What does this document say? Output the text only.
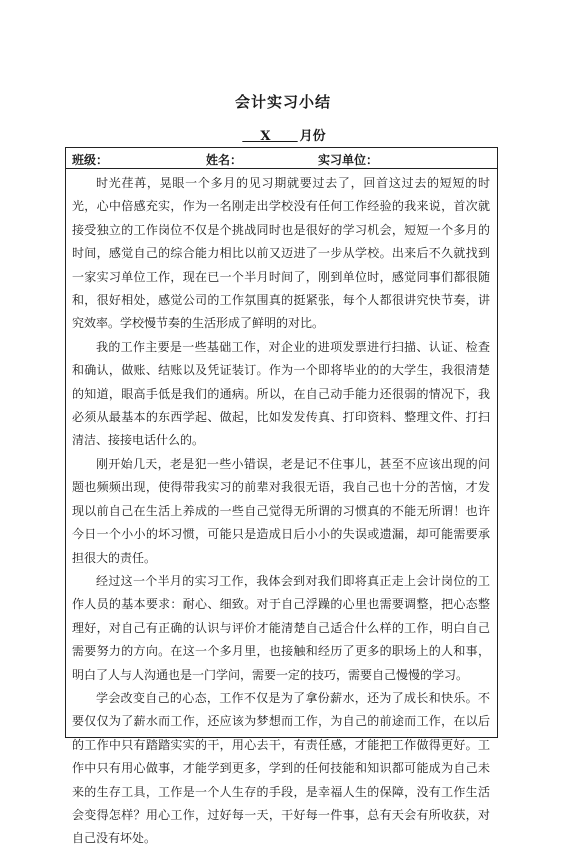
会计实习小结
X 月份
班级：	姓名：	实习单位：

时光荏苒，晃眼一个多月的见习期就要过去了，回首这过去的短短的时光，心中倍感充实，作为一名刚走出学校没有任何工作经验的我来说，首次就接受独立的工作岗位不仅是个挑战同时也是很好的学习机会，短短一个多月的时间，感觉自己的综合能力相比以前又迈进了一步从学校。出来后不久就找到一家实习单位工作，现在已一个半月时间了，刚到单位时，感觉同事们都很随和，很好相处，感觉公司的工作氛围真的挺紧张，每个人都很讲究快节奏，讲究效率。学校慢节奏的生活形成了鲜明的对比。

我的工作主要是一些基础工作，对企业的进项发票进行扫描、认证、检查和确认，做账、结账以及凭证装订。作为一个即将毕业的的大学生，我很清楚的知道，眼高手低是我们的通病。所以，在自己动手能力还很弱的情况下，我必须从最基本的东西学起、做起，比如发发传真、打印资料、整理文件、打扫清洁、接接电话什么的。

刚开始几天，老是犯一些小错误，老是记不住事儿，甚至不应该出现的问题也频频出现，使得带我实习的前辈对我很无语，我自己也十分的苦恼，才发现以前自己在生活上养成的一些自己觉得无所谓的习惯真的不能无所谓！也许今日一个小小的坏习惯，可能只是造成日后小小的失误或遗漏，却可能需要承担很大的责任。

经过这一个半月的实习工作，我体会到对我们即将真正走上会计岗位的工作人员的基本要求：耐心、细致。对于自己浮躁的心里也需要调整，把心态整理好，对自己有正确的认识与评价才能清楚自己适合什么样的工作，明白自己需要努力的方向。在这一个多月里，也接触和经历了更多的职场上的人和事，明白了人与人沟通也是一门学问，需要一定的技巧，需要自己慢慢的学习。

学会改变自己的心态，工作不仅是为了拿份薪水，还为了成长和快乐。不要仅仅为了薪水而工作，还应该为梦想而工作，为自己的前途而工作，在以后的工作中只有踏踏实实的干，用心去干，有责任感，才能把工作做得更好。工作中只有用心做事，才能学到更多，学到的任何技能和知识都可能成为自己未来的生存工具，工作是一个人生存的手段，是幸福人生的保障，没有工作生活会变得怎样？用心工作，过好每一天，干好每一件事，总有天会有所收获，对自己没有坏处。
